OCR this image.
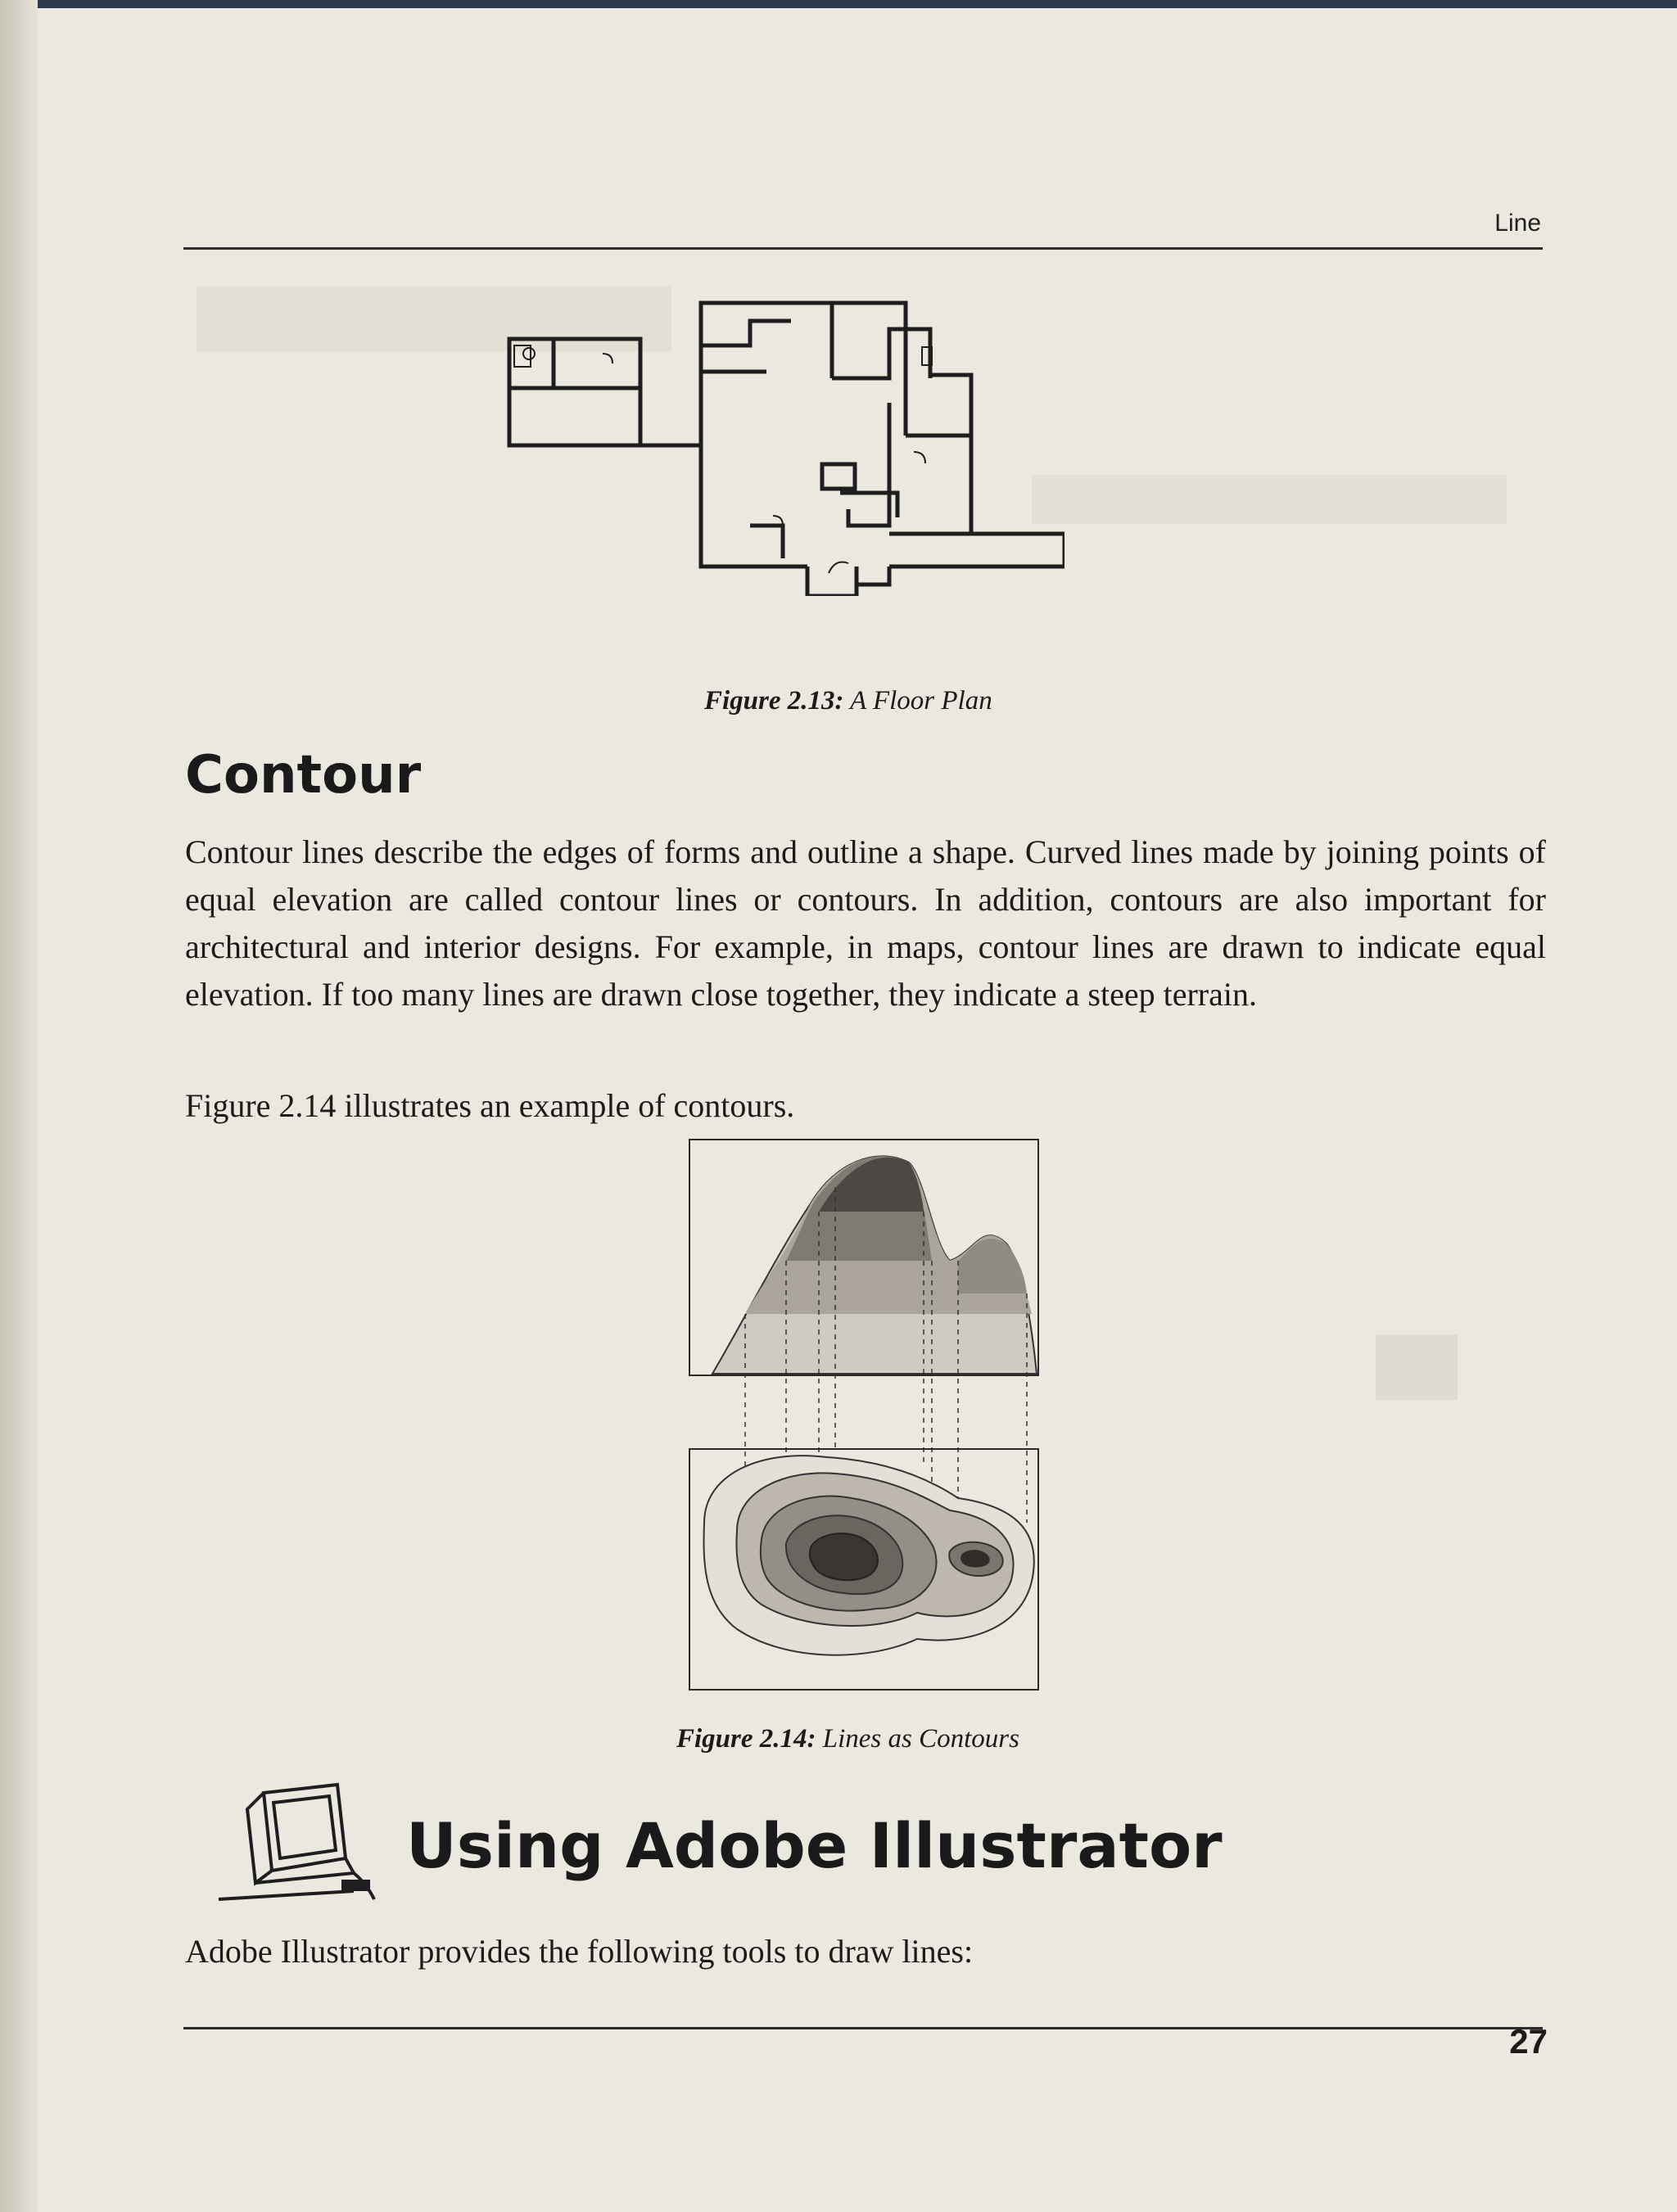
Line
Figure 2.13: A Floor Plan
Contour
Contour lines describe the edges of forms and outline a shape. Curved lines made by joining points of equal elevation are called contour lines or contours. In addition, contours are also important for architectural and interior designs. For example, in maps, contour lines are drawn to indicate equal elevation. If too many lines are drawn close together, they indicate a steep terrain.
Figure 2.14 illustrates an example of contours.
Figure 2.14: Lines as Contours
Using Adobe Illustrator
Adobe Illustrator provides the following tools to draw lines:
27
